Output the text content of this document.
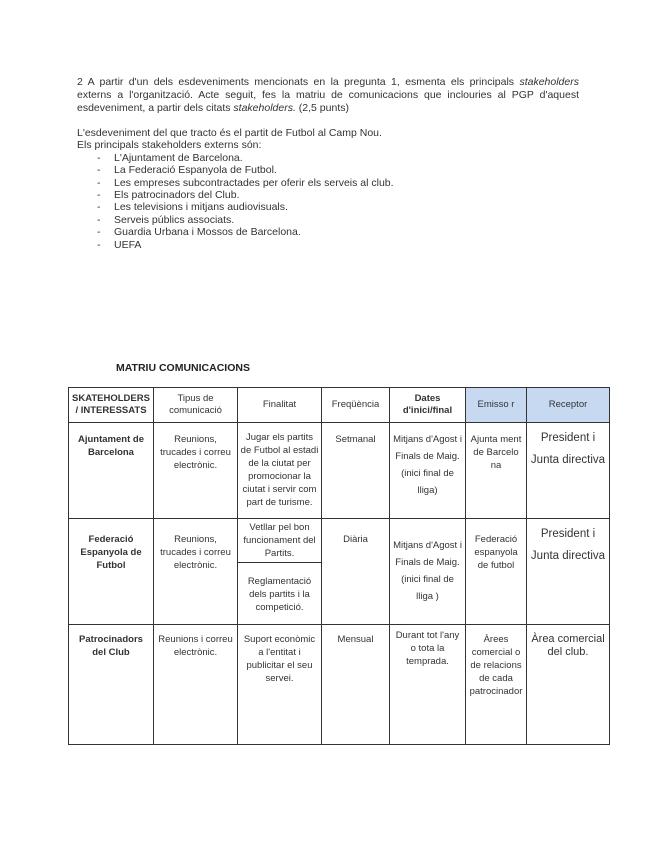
2 A partir d'un dels esdeveniments mencionats en la pregunta 1, esmenta els principals stakeholders externs a l'organització. Acte seguit, fes la matriu de comunicacions que inclouries al PGP d'aquest esdeveniment, a partir dels citats stakeholders. (2,5 punts)

L'esdeveniment del que tracto és el partit de Futbol al Camp Nou.

Els principals stakeholders externs són:

- L'Ajuntament de Barcelona.
- La Federació Espanyola de Futbol.
- Les empreses subcontractades per oferir els serveis al club.
- Els patrocinadors del Club.
- Les televisions i mitjans audiovisuals.
- Serveis públics associats.
- Guardia Urbana i Mossos de Barcelona.
- UEFA
MATRIU COMUNICACIONS
SKATEHOLDERS / INTERESSATS	Tipus de comunicació	Finalitat	Freqüència	Dates d'inici/final	Emisso r	Receptor
Ajuntament de Barcelona	Reunions, trucades i correu electrònic.	Jugar els partits de Futbol al estadi de la ciutat per promocionar la ciutat i servir com part de turisme.	Setmanal	Mitjans d'Agost i Finals de Maig. (inici final de lliga)	Ajunta ment de Barcelo na	President i Junta directiva
Federació Espanyola de Futbol	Reunions, trucades i correu electrònic.	Vetllar pel bon funcionament del Partits.	Diària	Mitjans d'Agost i Finals de Maig. (inici final de lliga )	Federació espanyola de futbol	President i Junta directiva
		Reglamentació dels partits i la competició.				
Patrocinadors del Club	Reunions i correu electrònic.	Suport econòmic a l'entitat i publicitar el seu servei.	Mensual	Durant tot l'any o tota la temprada.	Àrees comercial o de relacions de cada patrocinador	Àrea comercial del club.
